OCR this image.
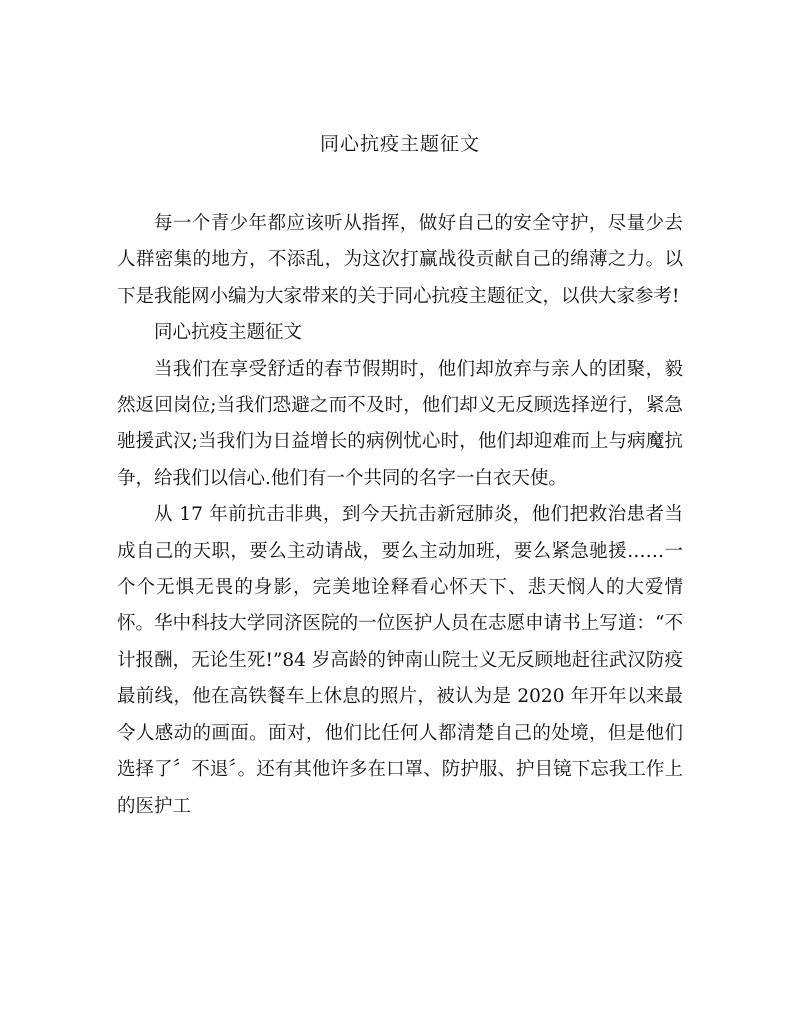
同心抗疫主题征文

每一个青少年都应该听从指挥，做好自己的安全守护，尽量少去人群密集的地方，不添乱，为这次打赢战役贡献自己的绵薄之力。以下是我能网小编为大家带来的关于同心抗疫主题征文，以供大家参考!

同心抗疫主题征文

当我们在享受舒适的春节假期时，他们却放弃与亲人的团聚，毅然返回岗位;当我们恐避之而不及时，他们却义无反顾选择逆行，紧急驰援武汉;当我们为日益增长的病例忧心时，他们却迎难而上与病魔抗争，给我们以信心.他们有一个共同的名字一白衣天使。

从 17 年前抗击非典，到今天抗击新冠肺炎，他们把救治患者当成自己的天职，要么主动请战，要么主动加班，要么紧急驰援……一个个无惧无畏的身影，完美地诠释看心怀天下、悲天悯人的大爱情怀。华中科技大学同济医院的一位医护人员在志愿申请书上写道：“不计报酬，无论生死!”84 岁高龄的钟南山院士义无反顾地赶往武汉防疫最前线，他在高铁餐车上休息的照片，被认为是 2020 年开年以来最令人感动的画面。面对，他们比任何人都清楚自己的处境，但是他们选择了〞不退〞。还有其他许多在口罩、防护服、护目镜下忘我工作上的医护工
